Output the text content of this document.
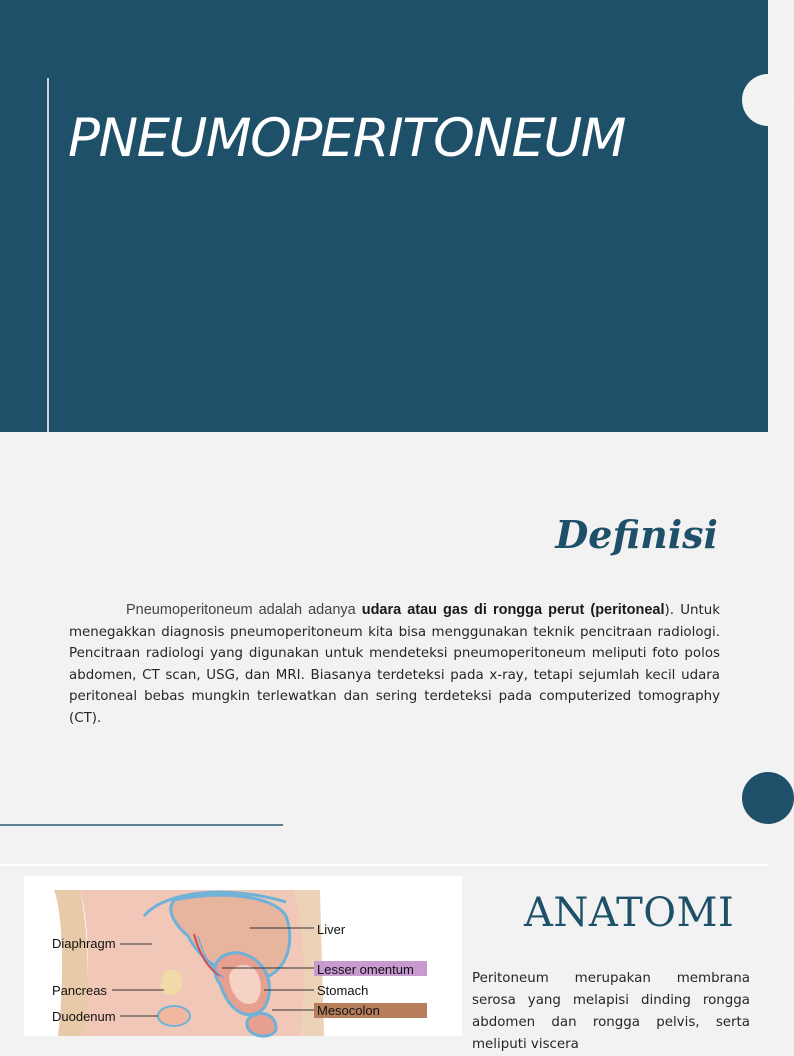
PNEUMOPERITONEUM
Definisi
Pneumoperitoneum adalah adanya udara atau gas di rongga perut (peritoneal). Untuk menegakkan diagnosis pneumoperitoneum kita bisa menggunakan teknik pencitraan radiologi. Pencitraan radiologi yang digunakan untuk mendeteksi pneumoperitoneum meliputi foto polos abdomen, CT scan, USG, dan MRI. Biasanya terdeteksi pada x-ray, tetapi sejumlah kecil udara peritoneal bebas mungkin terlewatkan dan sering terdeteksi pada computerized tomography (CT).
Diaphragm
Pancreas
Duodenum
Liver
Lesser omentum
Stomach
Mesocolon
ANATOMI
Peritoneum merupakan membrana serosa yang melapisi dinding rongga abdomen dan rongga pelvis, serta meliputi viscera
